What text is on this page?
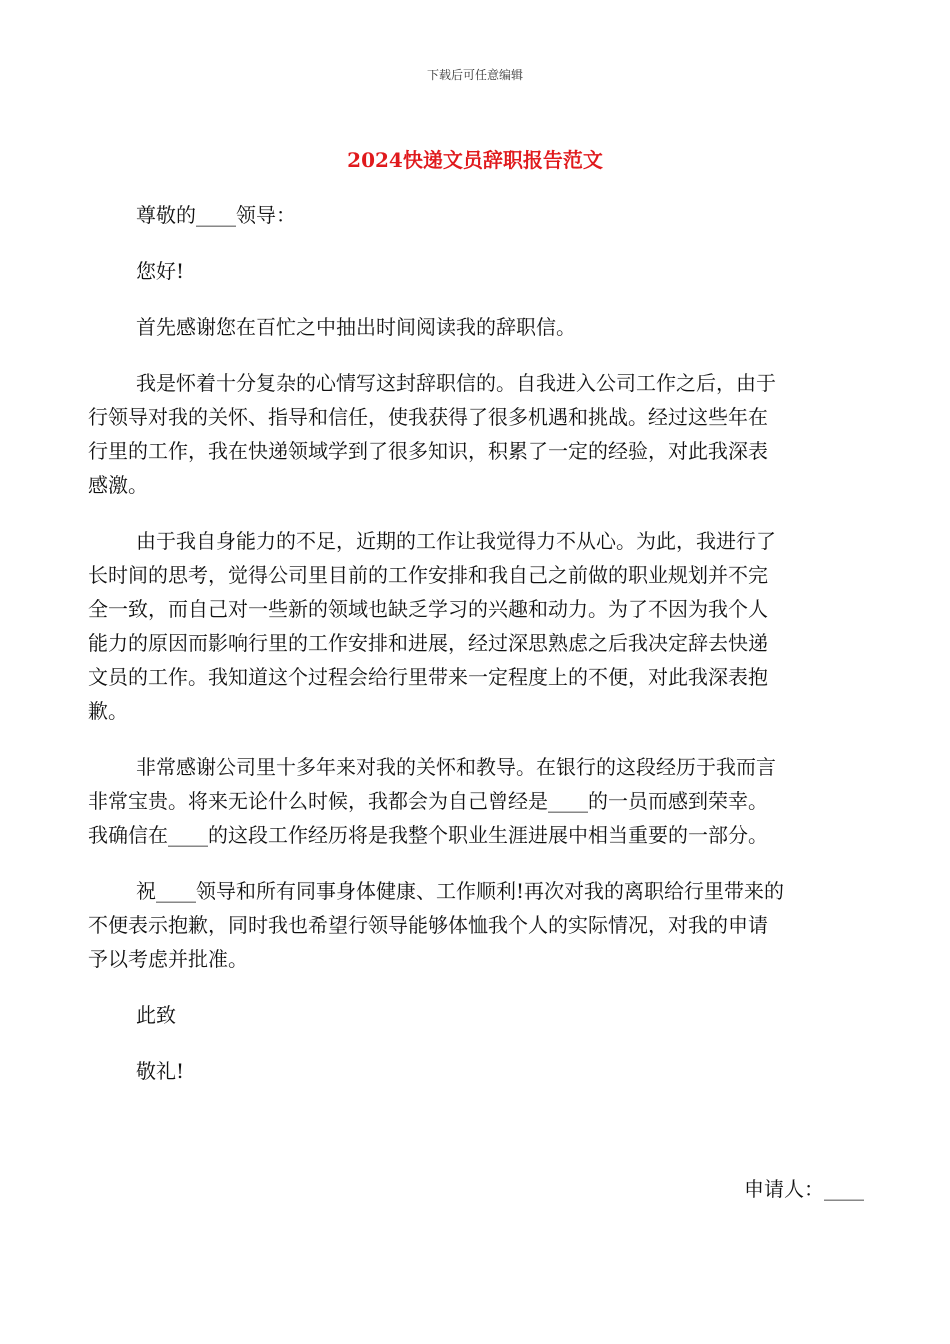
下载后可任意编辑
2024快递文员辞职报告范文

尊敬的____领导：

您好!

首先感谢您在百忙之中抽出时间阅读我的辞职信。

我是怀着十分复杂的心情写这封辞职信的。自我进入公司工作之后，由于

行领导对我的关怀、指导和信任，使我获得了很多机遇和挑战。经过这些年在

行里的工作，我在快递领域学到了很多知识，积累了一定的经验，对此我深表

感激。

由于我自身能力的不足，近期的工作让我觉得力不从心。为此，我进行了

长时间的思考，觉得公司里目前的工作安排和我自己之前做的职业规划并不完

全一致，而自己对一些新的领域也缺乏学习的兴趣和动力。为了不因为我个人

能力的原因而影响行里的工作安排和进展，经过深思熟虑之后我决定辞去快递

文员的工作。我知道这个过程会给行里带来一定程度上的不便，对此我深表抱

歉。

非常感谢公司里十多年来对我的关怀和教导。在银行的这段经历于我而言

非常宝贵。将来无论什么时候，我都会为自己曾经是____的一员而感到荣幸。

我确信在____的这段工作经历将是我整个职业生涯进展中相当重要的一部分。

祝____领导和所有同事身体健康、工作顺利!再次对我的离职给行里带来的

不便表示抱歉，同时我也希望行领导能够体恤我个人的实际情况，对我的申请

予以考虑并批准。

此致

敬礼!

申请人：____
